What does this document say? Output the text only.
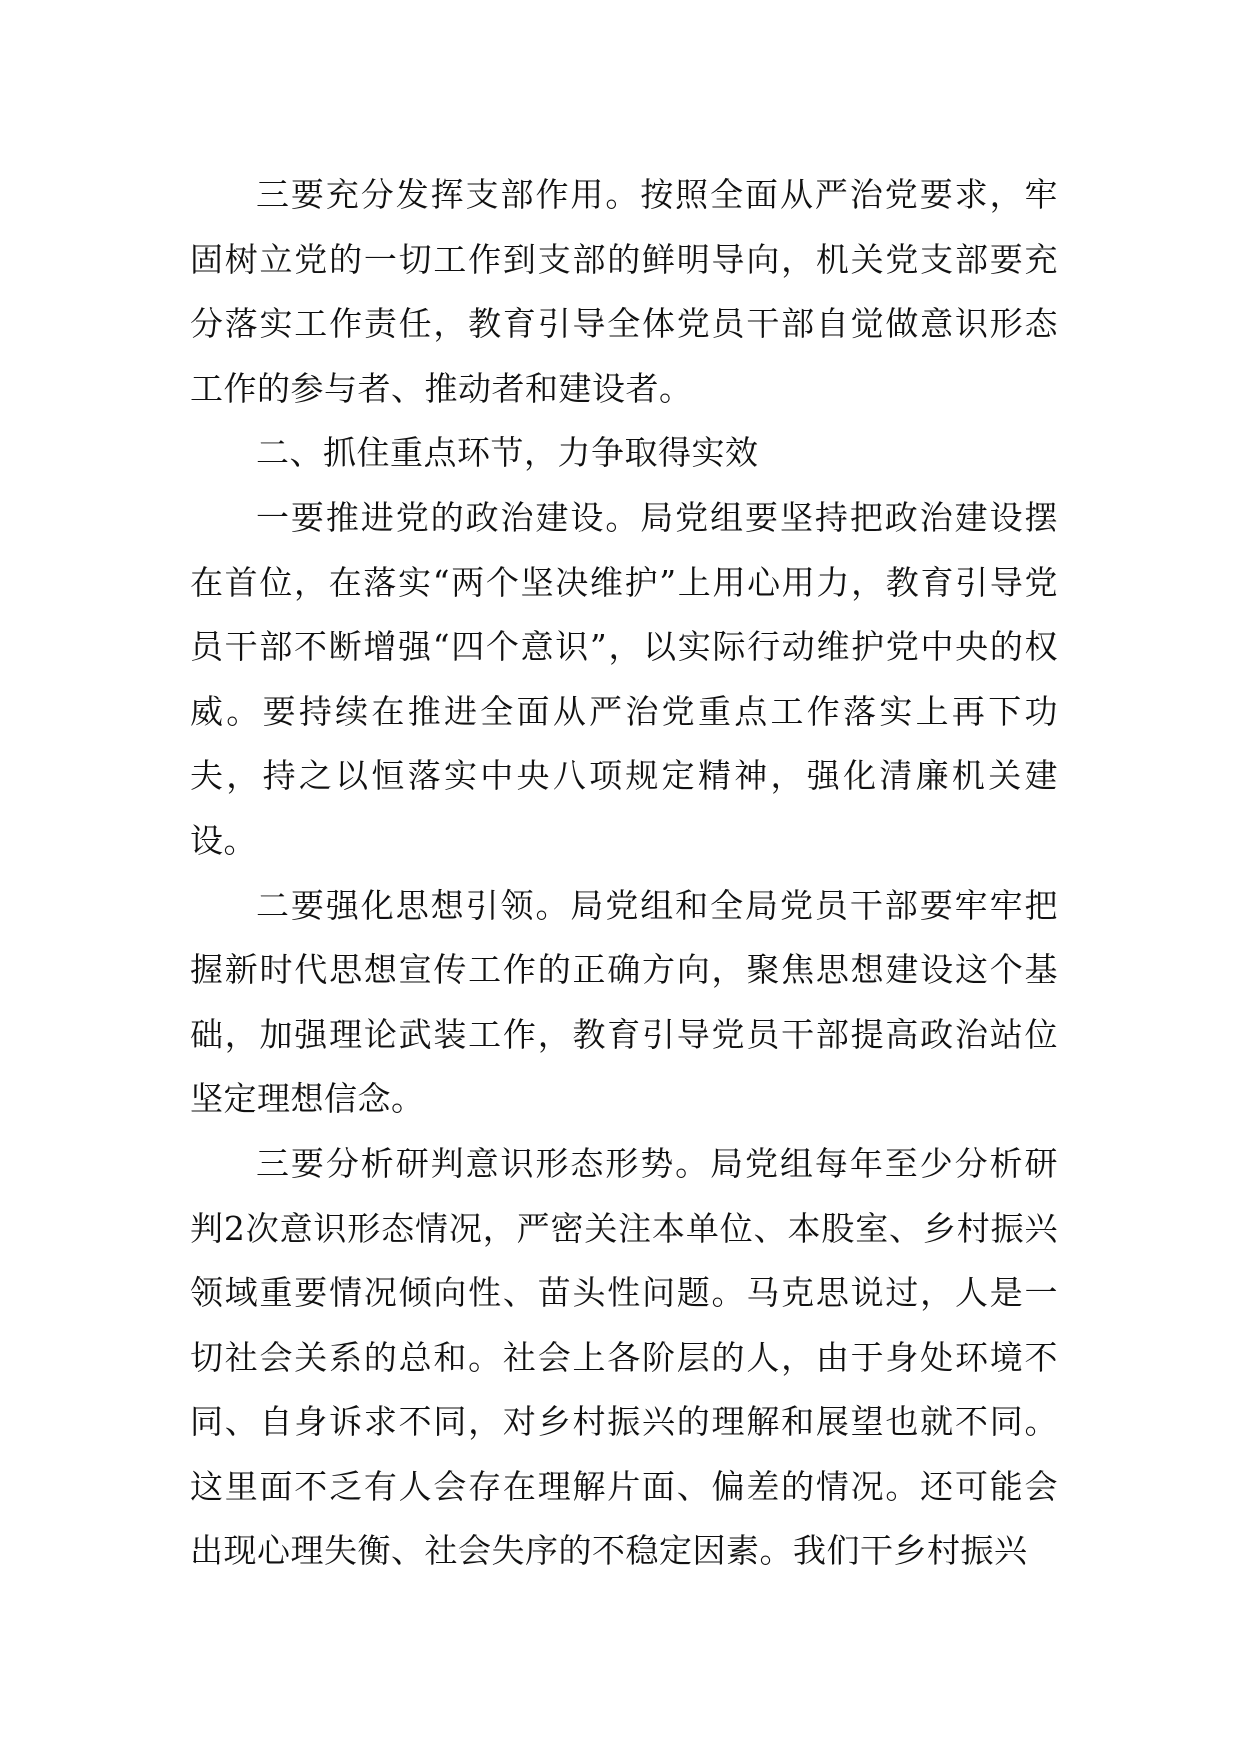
三要充分发挥支部作用。按照全面从严治党要求，牢固树立党的一切工作到支部的鲜明导向，机关党支部要充分落实工作责任，教育引导全体党员干部自觉做意识形态工作的参与者、推动者和建设者。

二、抓住重点环节，力争取得实效

一要推进党的政治建设。局党组要坚持把政治建设摆在首位，在落实“两个坚决维护”上用心用力，教育引导党员干部不断增强“四个意识”，以实际行动维护党中央的权威。要持续在推进全面从严治党重点工作落实上再下功夫，持之以恒落实中央八项规定精神，强化清廉机关建设。

二要强化思想引领。局党组和全局党员干部要牢牢把握新时代思想宣传工作的正确方向，聚焦思想建设这个基础，加强理论武装工作，教育引导党员干部提高政治站位坚定理想信念。

三要分析研判意识形态形势。局党组每年至少分析研判2次意识形态情况，严密关注本单位、本股室、乡村振兴领域重要情况倾向性、苗头性问题。马克思说过，人是一切社会关系的总和。社会上各阶层的人，由于身处环境不同、自身诉求不同，对乡村振兴的理解和展望也就不同。这里面不乏有人会存在理解片面、偏差的情况。还可能会出现心理失衡、社会失序的不稳定因素。我们干乡村振兴
